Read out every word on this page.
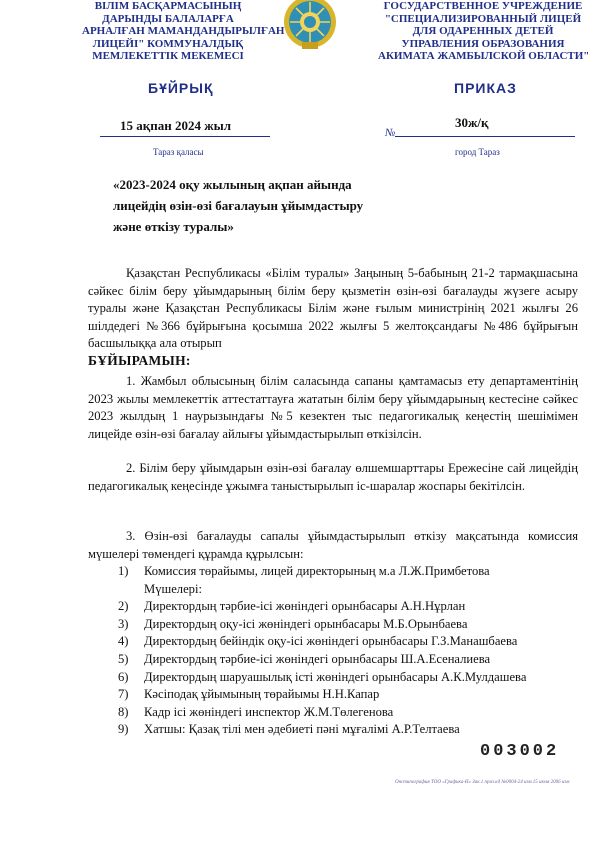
ВІЛІМ БАСҚАРМАСЫНЫҢ
ДАРЫНДЫ БАЛАЛАРҒА
АРНАЛҒАН МАМАНДАНДЫРЫЛҒАН
ЛИЦЕЙІ" КОММУНАЛДЫҚ
МЕМЛЕКЕТТІК МЕКЕМЕСІ
ГОСУДАРСТВЕННОЕ УЧРЕЖДЕНИЕ
"СПЕЦИАЛИЗИРОВАННЫЙ ЛИЦЕЙ
ДЛЯ ОДАРЕННЫХ ДЕТЕЙ
УПРАВЛЕНИЯ ОБРАЗОВАНИЯ
АКИМАТА ЖАМБЫЛСКОЙ ОБЛАСТИ"
БҰЙРЫҚ	ПРИКАЗ
15 ақпан 2024 жыл	№
30ж/қ
Тараз қаласы	город Тараз
«2023-2024 оқу жылының ақпан айында
лицейдің өзін-өзі бағалауын ұйымдастыру
және өткізу туралы»
Қазақстан Республикасы «Білім туралы» Заңының 5-бабының 21-2 тармақшасына сәйкес білім беру ұйымдарының білім беру қызметін өзін-өзі бағалауды жүзеге асыру туралы және Қазақстан Республикасы Білім және ғылым министрінің 2021 жылғы 26 шілдедегі №366 бұйрығына қосымша 2022 жылғы 5 желтоқсандағы №486 бұйрығын басшылыққа ала отырып
БҰЙЫРАМЫН:
1. Жамбыл облысының білім саласында сапаны қамтамасыз ету департаментінің 2023 жылы мемлекеттік аттестаттауға жататын білім беру ұйымдарының кестесіне сәйкес 2023 жылдың 1 наурызындағы №5 кезектен тыс педагогикалық кеңестің шешімімен лицейде өзін-өзі бағалау айлығы ұйымдастырылып өткізілсін.
2. Білім беру ұйымдарын өзін-өзі бағалау өлшемшарттары Ережесіне сай лицейдің педагогикалық кеңесінде ұжымға таныстырылып іс-шаралар жоспары бекітілсін.
3. Өзін-өзі бағалауды сапалы ұйымдастырылып өткізу мақсатында комиссия мүшелері төмендегі құрамда құрылсын:
1)	Комиссия төрайымы, лицей директорының м.а Л.Ж.Примбетова
Мүшелері:
2)	Директордың тәрбие-ісі жөніндегі орынбасары А.Н.Нұрлан
3)	Директордың оқу-ісі жөніндегі орынбасары М.Б.Орынбаева
4)	Директордың бейіндік оқу-ісі жөніндегі орынбасары Г.З.Манашбаева
5)	Директордың тәрбие-ісі жөніндегі орынбасары Ш.А.Есеналиева
6)	Директордың шаруашылық істі жөніндегі орынбасары А.К.Мулдашева
7)	Кәсіподақ ұйымының төрайымы Н.Н.Капар
8)	Кадр ісі жөніндегі инспектор Ж.М.Төлегенова
9)	Хатшы: Қазақ тілі мен әдебиеті пәні мұғалімі А.Р.Телтаева
003002
Онстипография ТОО «Графика-Н» Зак.1 приз.кд №0004-24 изм.15 июля 2006 изм
